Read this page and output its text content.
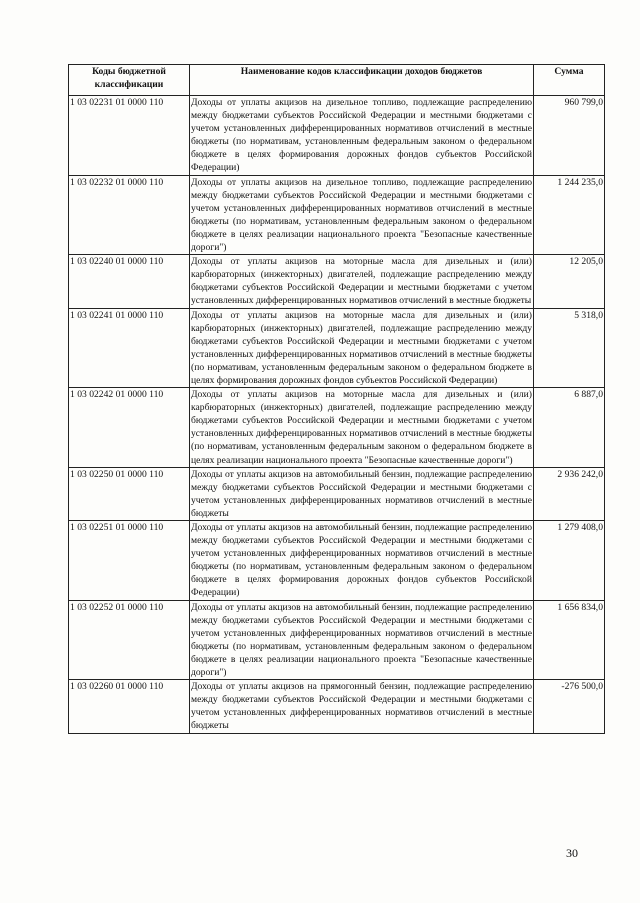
Коды бюджетной классификации	Наименование кодов классификации доходов бюджетов	Сумма
1 03 02231 01 0000 110	Доходы от уплаты акцизов на дизельное топливо, подлежащие распределению между бюджетами субъектов Российской Федерации и местными бюджетами с учетом установленных дифференцированных нормативов отчислений в местные бюджеты (по нормативам, установленным федеральным законом о федеральном бюджете в целях формирования дорожных фондов субъектов Российской Федерации)	960 799,0
1 03 02232 01 0000 110	Доходы от уплаты акцизов на дизельное топливо, подлежащие распределению между бюджетами субъектов Российской Федерации и местными бюджетами с учетом установленных дифференцированных нормативов отчислений в местные бюджеты (по нормативам, установленным федеральным законом о федеральном бюджете в целях реализации национального проекта "Безопасные качественные дороги")	1 244 235,0
1 03 02240 01 0000 110	Доходы от уплаты акцизов на моторные масла для дизельных и (или) карбюраторных (инжекторных) двигателей, подлежащие распределению между бюджетами субъектов Российской Федерации и местными бюджетами с учетом установленных дифференцированных нормативов отчислений в местные бюджеты	12 205,0
1 03 02241 01 0000 110	Доходы от уплаты акцизов на моторные масла для дизельных и (или) карбюраторных (инжекторных) двигателей, подлежащие распределению между бюджетами субъектов Российской Федерации и местными бюджетами с учетом установленных дифференцированных нормативов отчислений в местные бюджеты (по нормативам, установленным федеральным законом о федеральном бюджете в целях формирования дорожных фондов субъектов Российской Федерации)	5 318,0
1 03 02242 01 0000 110	Доходы от уплаты акцизов на моторные масла для дизельных и (или) карбюраторных (инжекторных) двигателей, подлежащие распределению между бюджетами субъектов Российской Федерации и местными бюджетами с учетом установленных дифференцированных нормативов отчислений в местные бюджеты (по нормативам, установленным федеральным законом о федеральном бюджете в целях реализации национального проекта "Безопасные качественные дороги")	6 887,0
1 03 02250 01 0000 110	Доходы от уплаты акцизов на автомобильный бензин, подлежащие распределению между бюджетами субъектов Российской Федерации и местными бюджетами с учетом установленных дифференцированных нормативов отчислений в местные бюджеты	2 936 242,0
1 03 02251 01 0000 110	Доходы от уплаты акцизов на автомобильный бензин, подлежащие распределению между бюджетами субъектов Российской Федерации и местными бюджетами с учетом установленных дифференцированных нормативов отчислений в местные бюджеты (по нормативам, установленным федеральным законом о федеральном бюджете в целях формирования дорожных фондов субъектов Российской Федерации)	1 279 408,0
1 03 02252 01 0000 110	Доходы от уплаты акцизов на автомобильный бензин, подлежащие распределению между бюджетами субъектов Российской Федерации и местными бюджетами с учетом установленных дифференцированных нормативов отчислений в местные бюджеты (по нормативам, установленным федеральным законом о федеральном бюджете в целях реализации национального проекта "Безопасные качественные дороги")	1 656 834,0
1 03 02260 01 0000 110	Доходы от уплаты акцизов на прямогонный бензин, подлежащие распределению между бюджетами субъектов Российской Федерации и местными бюджетами с учетом установленных дифференцированных нормативов отчислений в местные бюджеты	-276 500,0
30
